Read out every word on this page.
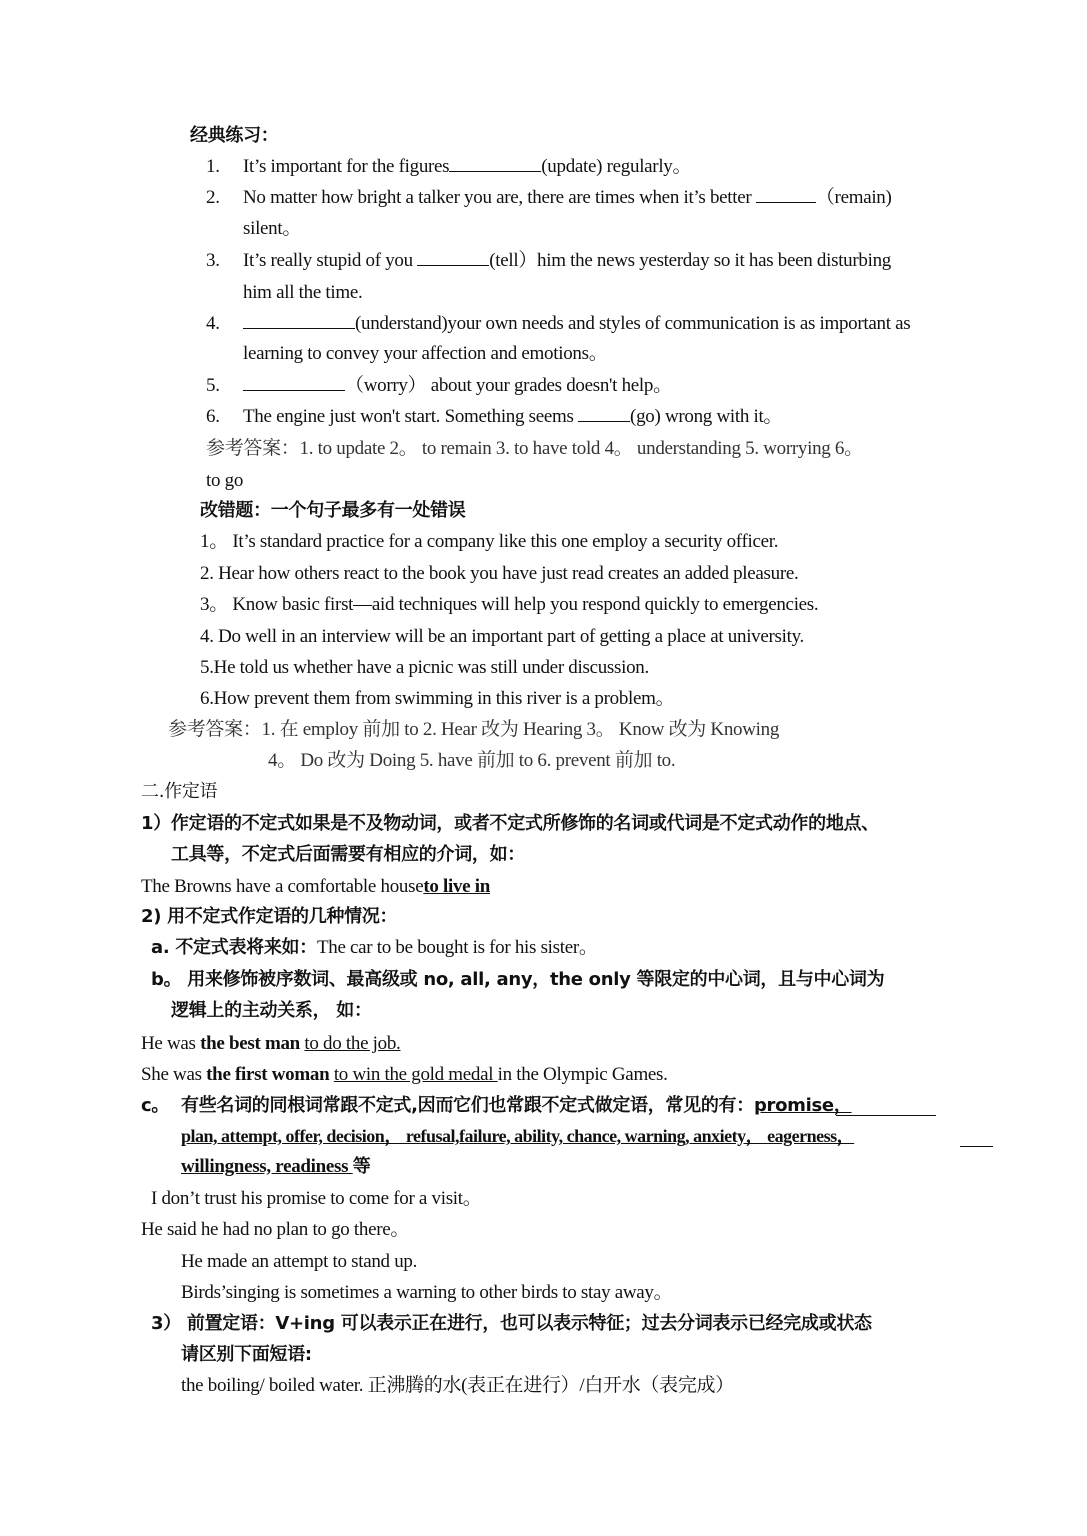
经典练习：
1. It’s important for the figures	(update) regularly。
2. No matter how bright a talker you are, there are times when it’s better	（remain)
silent。
3. It’s really stupid of you	(tell）him the news yesterday so it has been disturbing
him all the time.
4.	(understand)your own needs and styles of communication is as important as
learning to convey your affection and emotions。
5.	（worry） about your grades doesn't help。
6. The engine just won't start. Something seems	(go) wrong with it。
参考答案：1. to update 2。 to remain 3. to have told 4。 understanding 5. worrying 6。
to go
改错题：一个句子最多有一处错误
1。 It’s standard practice for a company like this one employ a security officer.
2. Hear how others react to the book you have just read creates an added pleasure.
3。 Know basic first—aid techniques will help you respond quickly to emergencies.
4. Do well in an interview will be an important part of getting a place at university.
5.He told us whether have a picnic was still under discussion.
6.How prevent them from swimming in this river is a problem。
参考答案：1. 在 employ 前加 to 2. Hear 改为 Hearing 3。 Know 改为 Knowing
4。 Do 改为 Doing 5. have 前加 to 6. prevent 前加 to.
二.作定语
1）作定语的不定式如果是不及物动词，或者不定式所修饰的名词或代词是不定式动作的地点、
工具等，不定式后面需要有相应的介词，如：
The Browns have a comfortable houseto live in
2) 用不定式作定语的几种情况：
a. 不定式表将来如：The car to be bought is for his sister。
b。 用来修饰被序数词、最高级或 no, all, any，the only 等限定的中心词，且与中心词为
逻辑上的主动关系， 如：
He was the best man to do the job.
She was the first woman to win the gold medal in the Olympic Games.
c。 有些名词的同根词常跟不定式,因而它们也常跟不定式做定语，常见的有：promise，
plan, attempt, offer, decision， refusal,failure, ability, chance, warning, anxiety， eagerness，
willingness, readiness 等
I don’t trust his promise to come for a visit。
He said he had no plan to go there。
He made an attempt to stand up.
Birds’singing is sometimes a warning to other birds to stay away。
3） 前置定语：V+ing 可以表示正在进行，也可以表示特征；过去分词表示已经完成或状态
请区别下面短语:
the boiling/ boiled water. 正沸腾的水(表正在进行）/白开水（表完成）
